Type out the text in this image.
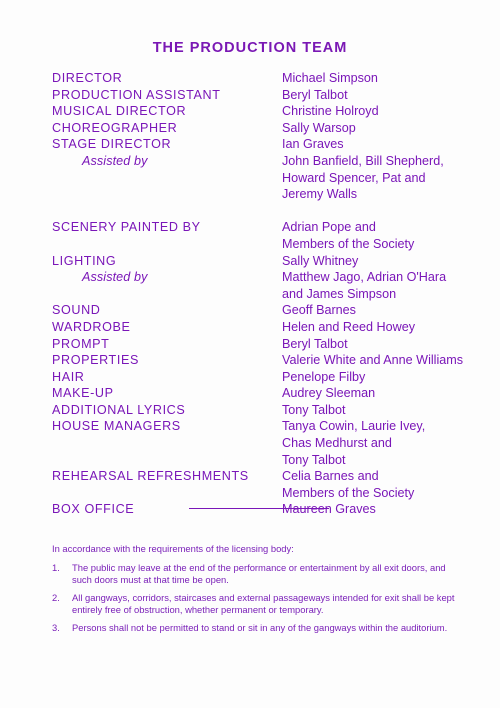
THE PRODUCTION TEAM
DIRECTOR	Michael Simpson
PRODUCTION ASSISTANT	Beryl Talbot
MUSICAL DIRECTOR	Christine Holroyd
CHOREOGRAPHER	Sally Warsop
STAGE DIRECTOR	Ian Graves
Assisted by	John Banfield, Bill Shepherd,
Howard Spencer, Pat and
Jeremy Walls
SCENERY PAINTED BY	Adrian Pope and
Members of the Society
LIGHTING	Sally Whitney
Assisted by	Matthew Jago, Adrian O'Hara
and James Simpson
SOUND	Geoff Barnes
WARDROBE	Helen and Reed Howey
PROMPT	Beryl Talbot
PROPERTIES	Valerie White and Anne Williams
HAIR	Penelope Filby
MAKE-UP	Audrey Sleeman
ADDITIONAL LYRICS	Tony Talbot
HOUSE MANAGERS	Tanya Cowin, Laurie Ivey,
Chas Medhurst and
Tony Talbot
REHEARSAL REFRESHMENTS	Celia Barnes and
Members of the Society
BOX OFFICE	Maureen Graves
In accordance with the requirements of the licensing body:
1. The public may leave at the end of the performance or entertainment by all exit doors, and such doors must at that time be open.
2. All gangways, corridors, staircases and external passageways intended for exit shall be kept entirely free of obstruction, whether permanent or temporary.
3. Persons shall not be permitted to stand or sit in any of the gangways within the auditorium.
